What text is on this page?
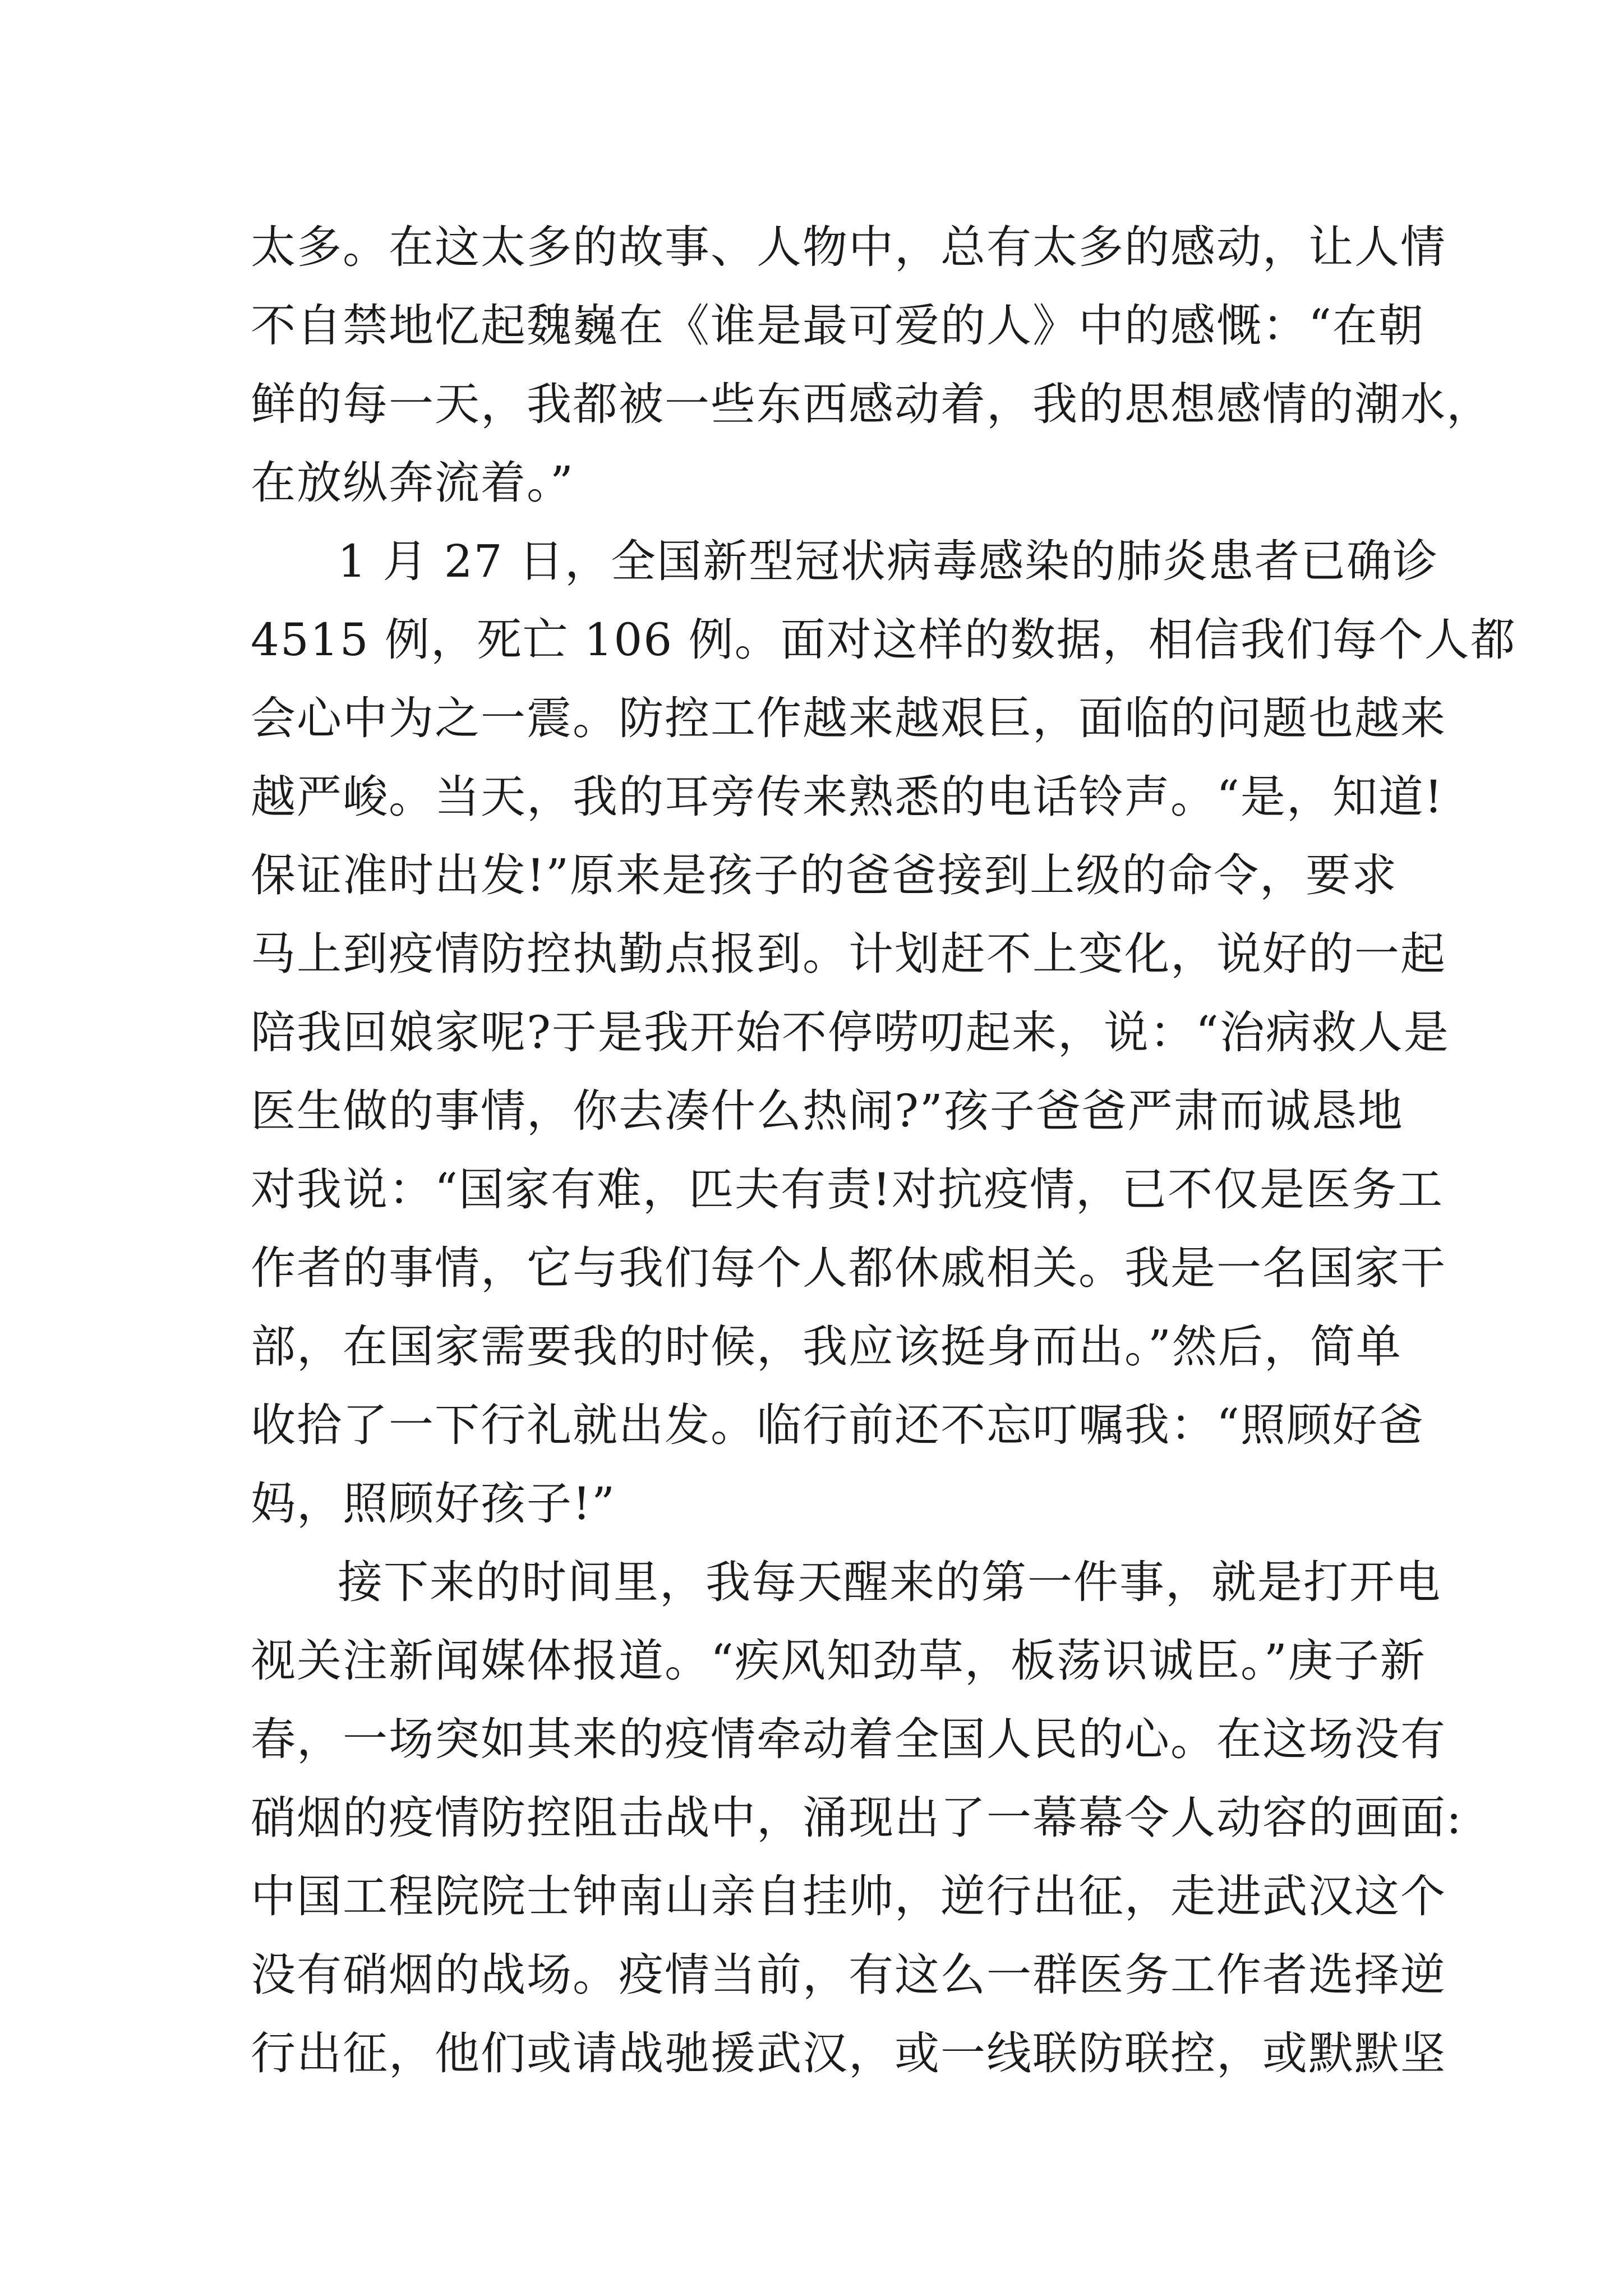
太多。在这太多的故事、人物中，总有太多的感动，让人情
不自禁地忆起魏巍在《谁是最可爱的人》中的感慨：“在朝
鲜的每一天，我都被一些东西感动着，我的思想感情的潮水，
在放纵奔流着。”
1 月 27 日，全国新型冠状病毒感染的肺炎患者已确诊
4515 例，死亡 106 例。面对这样的数据，相信我们每个人都
会心中为之一震。防控工作越来越艰巨，面临的问题也越来
越严峻。当天，我的耳旁传来熟悉的电话铃声。“是，知道!
保证准时出发!”原来是孩子的爸爸接到上级的命令，要求
马上到疫情防控执勤点报到。计划赶不上变化，说好的一起
陪我回娘家呢?于是我开始不停唠叨起来，说：“治病救人是
医生做的事情，你去凑什么热闹?”孩子爸爸严肃而诚恳地
对我说：“国家有难，匹夫有责!对抗疫情，已不仅是医务工
作者的事情，它与我们每个人都休戚相关。我是一名国家干
部，在国家需要我的时候，我应该挺身而出。”然后，简单
收拾了一下行礼就出发。临行前还不忘叮嘱我：“照顾好爸
妈，照顾好孩子!”
接下来的时间里，我每天醒来的第一件事，就是打开电
视关注新闻媒体报道。“疾风知劲草，板荡识诚臣。”庚子新
春，一场突如其来的疫情牵动着全国人民的心。在这场没有
硝烟的疫情防控阻击战中，涌现出了一幕幕令人动容的画面:
中国工程院院士钟南山亲自挂帅，逆行出征，走进武汉这个
没有硝烟的战场。疫情当前，有这么一群医务工作者选择逆
行出征，他们或请战驰援武汉，或一线联防联控，或默默坚
